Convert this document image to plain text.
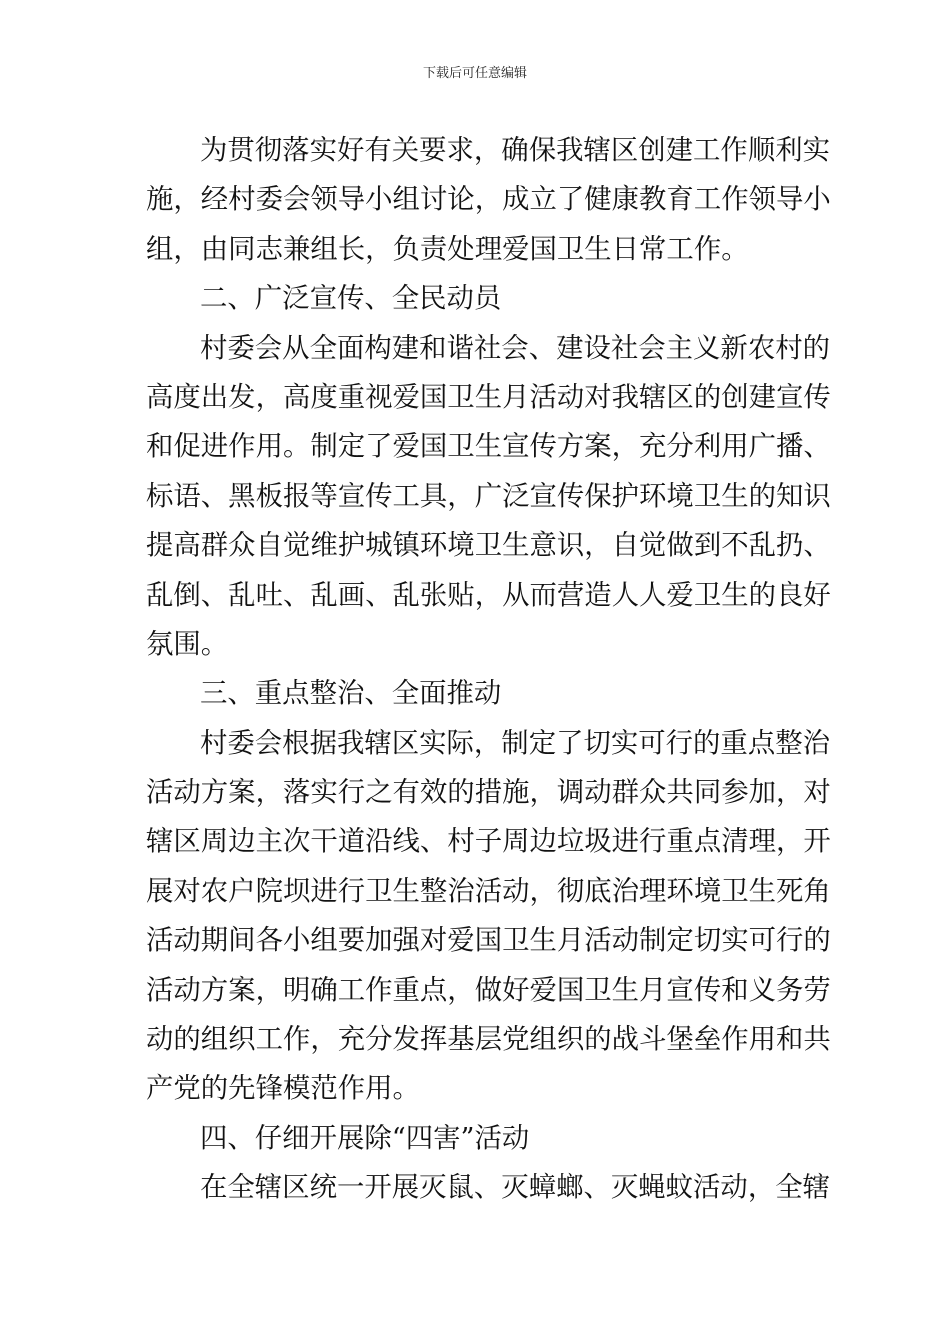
下载后可任意编辑
为贯彻落实好有关要求，确保我辖区创建工作顺利实
施，经村委会领导小组讨论，成立了健康教育工作领导小
组，由同志兼组长，负责处理爱国卫生日常工作。
二、广泛宣传、全民动员
村委会从全面构建和谐社会、建设社会主义新农村的
高度出发，高度重视爱国卫生月活动对我辖区的创建宣传
和促进作用。制定了爱国卫生宣传方案，充分利用广播、
标语、黑板报等宣传工具，广泛宣传保护环境卫生的知识
提高群众自觉维护城镇环境卫生意识，自觉做到不乱扔、
乱倒、乱吐、乱画、乱张贴，从而营造人人爱卫生的良好
氛围。
三、重点整治、全面推动
村委会根据我辖区实际，制定了切实可行的重点整治
活动方案，落实行之有效的措施，调动群众共同参加，对
辖区周边主次干道沿线、村子周边垃圾进行重点清理，开
展对农户院坝进行卫生整治活动，彻底治理环境卫生死角
活动期间各小组要加强对爱国卫生月活动制定切实可行的
活动方案，明确工作重点，做好爱国卫生月宣传和义务劳
动的组织工作，充分发挥基层党组织的战斗堡垒作用和共
产党的先锋模范作用。
四、仔细开展除“四害”活动
在全辖区统一开展灭鼠、灭蟑螂、灭蝇蚊活动，全辖
